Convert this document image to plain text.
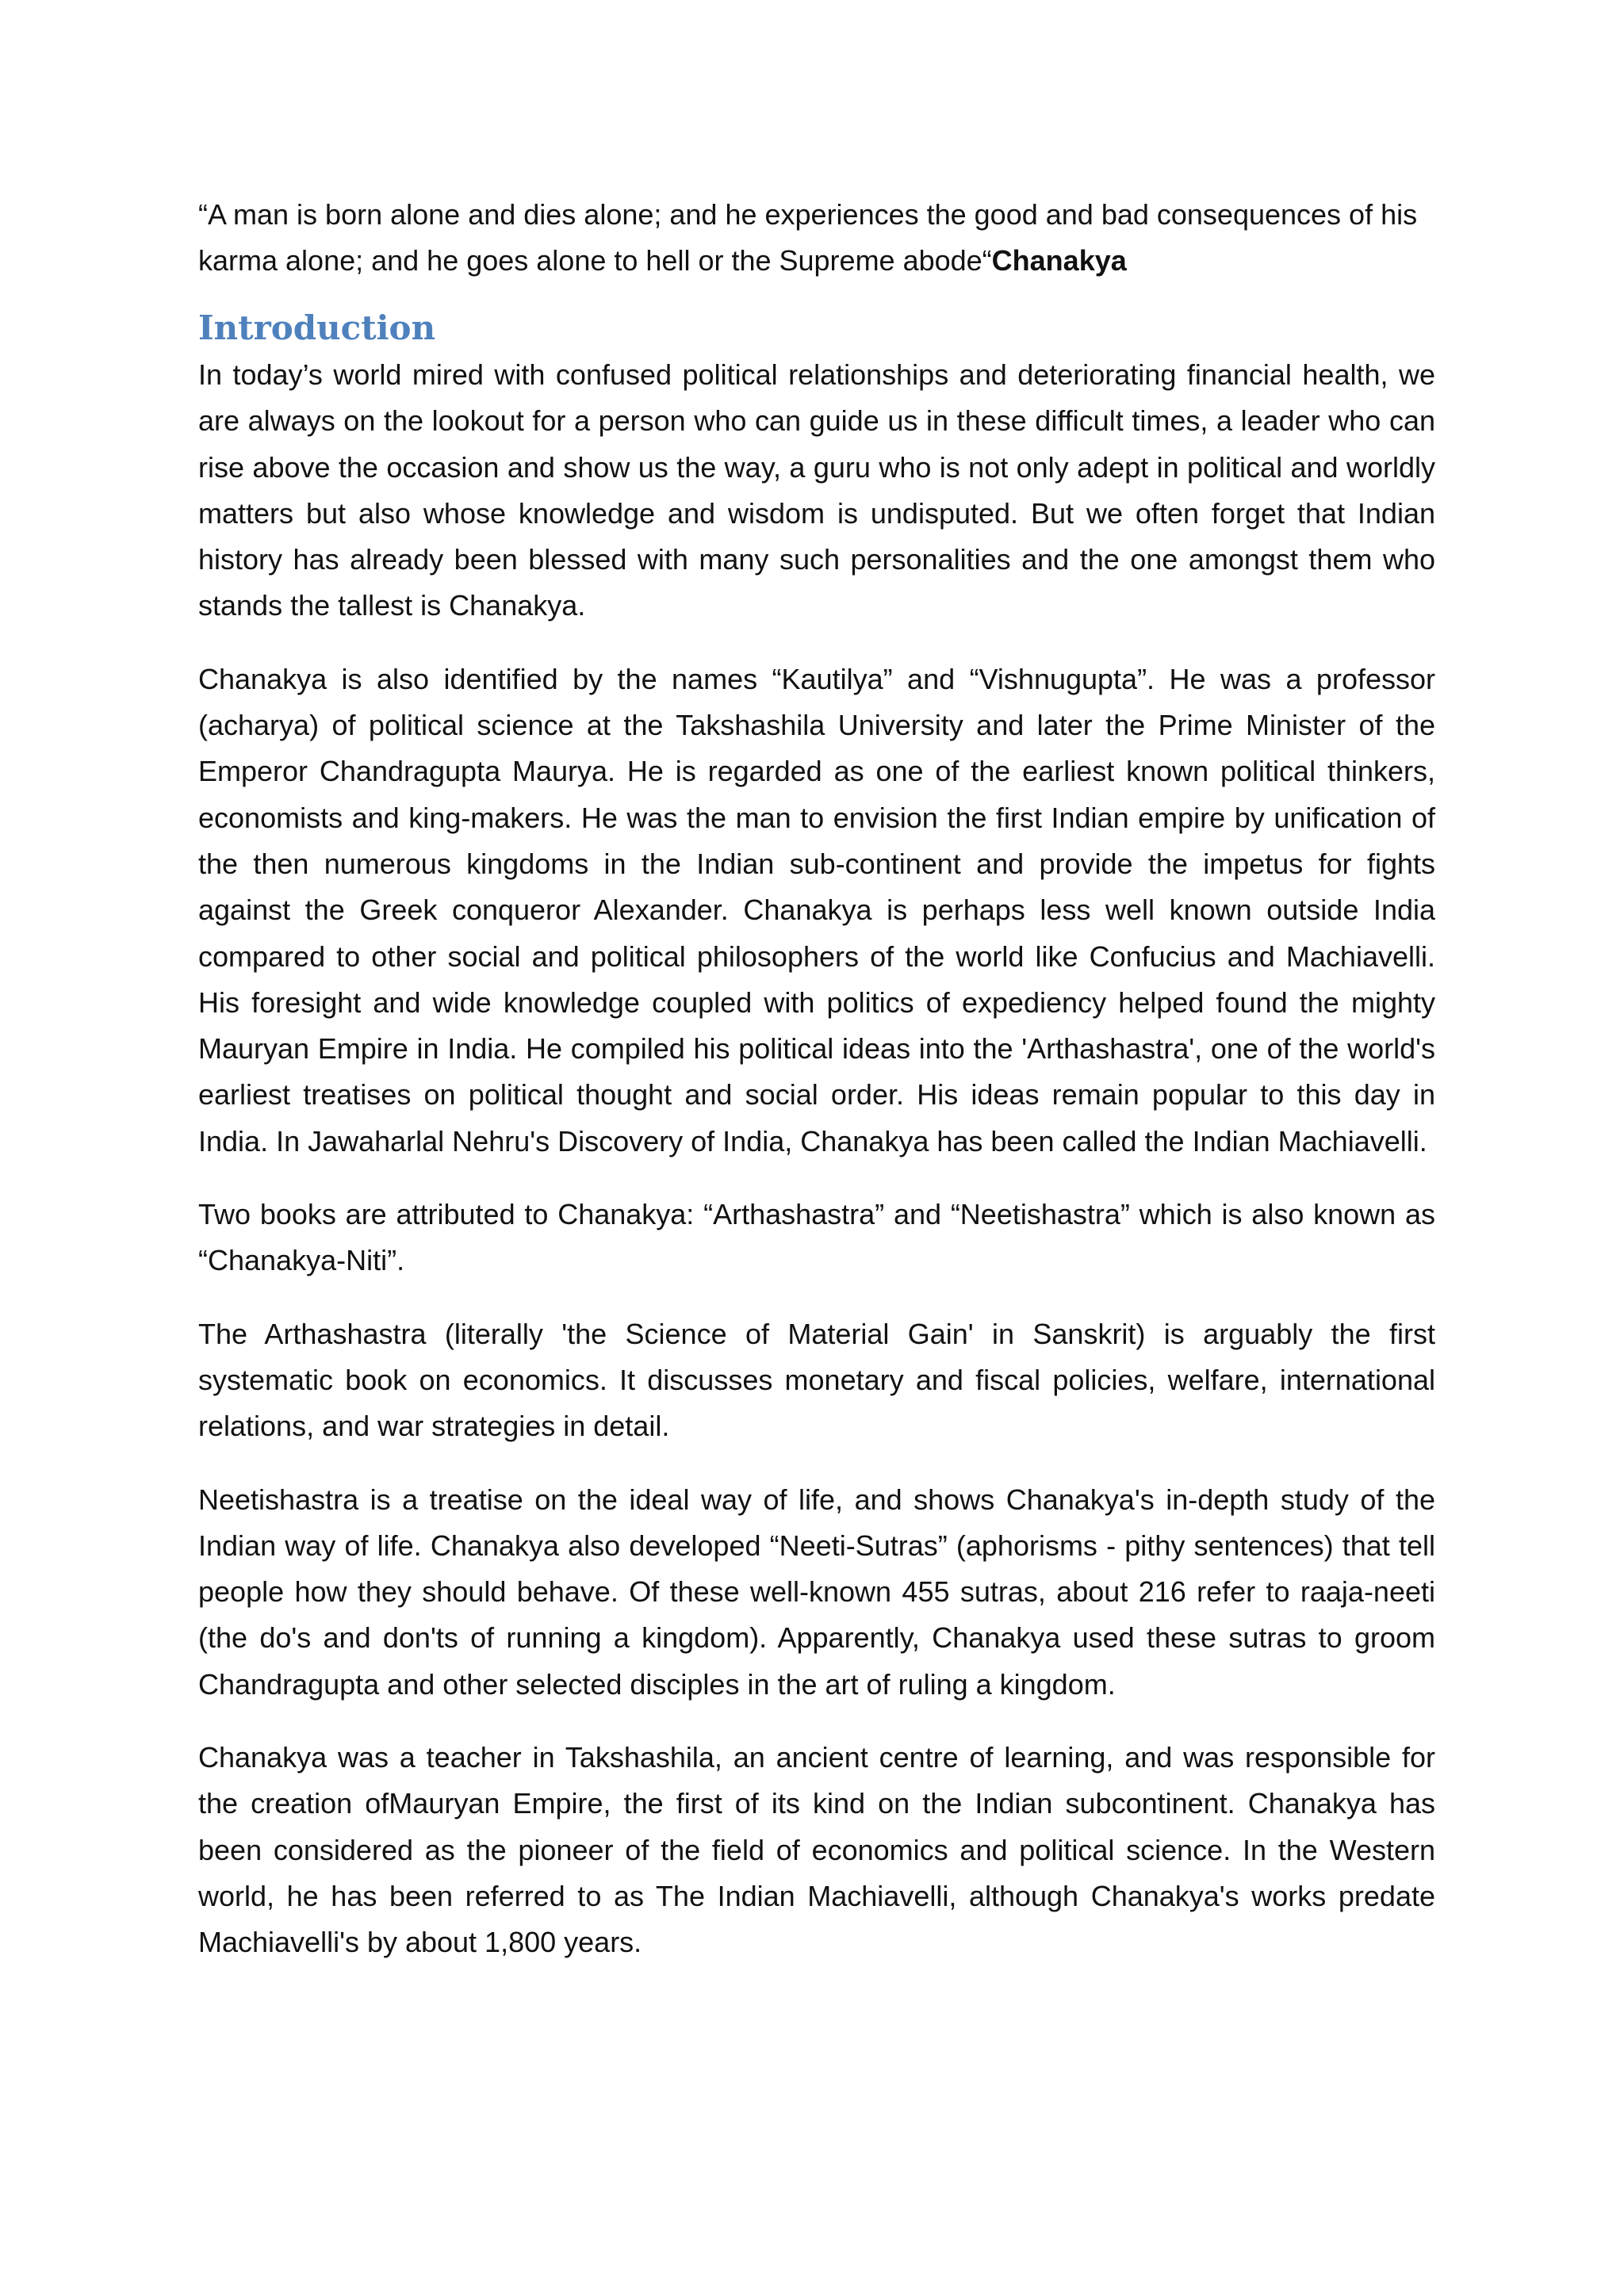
“A man is born alone and dies alone; and he experiences the good and bad consequences of his karma alone; and he goes alone to hell or the Supreme abode“Chanakya

Introduction

In today’s world mired with confused political relationships and deteriorating financial health, we are always on the lookout for a person who can guide us in these difficult times, a leader who can rise above the occasion and show us the way, a guru who is not only adept in political and worldly matters but also whose knowledge and wisdom is undisputed. But we often forget that Indian history has already been blessed with many such personalities and the one amongst them who stands the tallest is Chanakya.

Chanakya is also identified by the names “Kautilya” and “Vishnugupta”. He was a professor (acharya) of political science at the Takshashila University and later the Prime Minister of the Emperor Chandragupta Maurya. He is regarded as one of the earliest known political thinkers, economists and king-makers. He was the man to envision the first Indian empire by unification of the then numerous kingdoms in the Indian sub-continent and provide the impetus for fights against the Greek conqueror Alexander. Chanakya is perhaps less well known outside India compared to other social and political philosophers of the world like Confucius and Machiavelli. His foresight and wide knowledge coupled with politics of expediency helped found the mighty Mauryan Empire in India. He compiled his political ideas into the 'Arthashastra', one of the world's earliest treatises on political thought and social order. His ideas remain popular to this day in India. In Jawaharlal Nehru's Discovery of India, Chanakya has been called the Indian Machiavelli.

Two books are attributed to Chanakya: “Arthashastra” and “Neetishastra” which is also known as “Chanakya-Niti”.

The Arthashastra (literally 'the Science of Material Gain' in Sanskrit) is arguably the first systematic book on economics. It discusses monetary and fiscal policies, welfare, international relations, and war strategies in detail.

Neetishastra is a treatise on the ideal way of life, and shows Chanakya's in-depth study of the Indian way of life. Chanakya also developed “Neeti-Sutras” (aphorisms - pithy sentences) that tell people how they should behave. Of these well-known 455 sutras, about 216 refer to raaja-neeti (the do's and don'ts of running a kingdom). Apparently, Chanakya used these sutras to groom Chandragupta and other selected disciples in the art of ruling a kingdom.

Chanakya was a teacher in Takshashila, an ancient centre of learning, and was responsible for the creation ofMauryan Empire, the first of its kind on the Indian subcontinent. Chanakya has been considered as the pioneer of the field of economics and political science. In the Western world, he has been referred to as The Indian Machiavelli, although Chanakya's works predate Machiavelli's by about 1,800 years.
